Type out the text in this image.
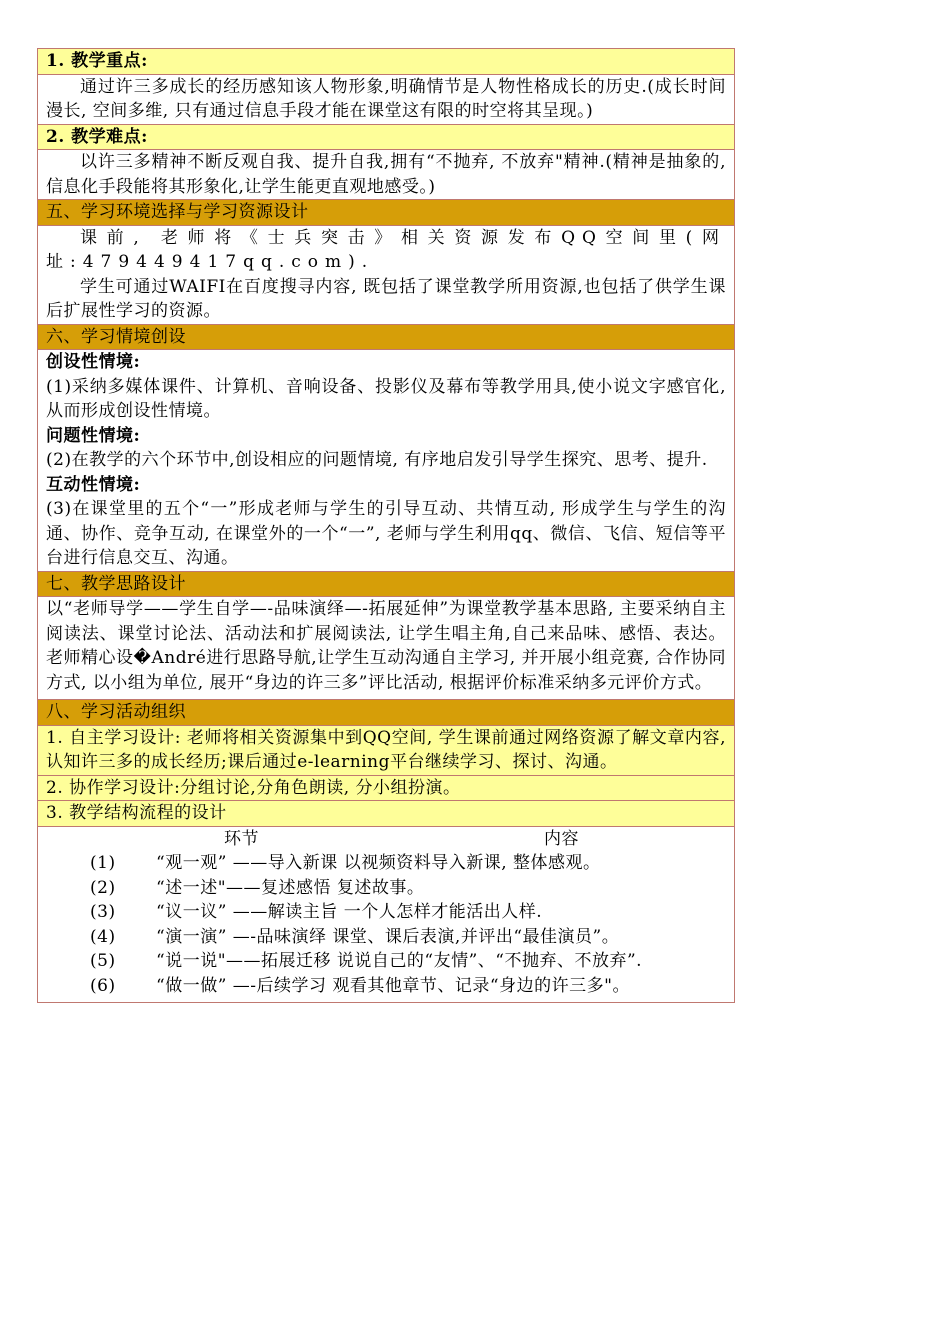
1. 教学重点:

通过许三多成长的经历感知该人物形象,明确情节是人物性格成长的历史.(成长时间漫长, 空间多维, 只有通过信息手段才能在课堂这有限的时空将其呈现。)

2. 教学难点:

以许三多精神不断反观自我、提升自我,拥有“不抛弃, 不放弃"精神.(精神是抽象的,信息化手段能将其形象化,让学生能更直观地感受。)

五、学习环境选择与学习资源设计

课前, 老师将《士兵突击》相关资源发布QQ空间里(网址:479449417qq.com).

学生可通过WAIFI在百度搜寻内容, 既包括了课堂教学所用资源,也包括了供学生课后扩展性学习的资源。

六、学习情境创设

创设性情境:

(1)采纳多媒体课件、计算机、音响设备、投影仪及幕布等教学用具,使小说文字感官化, 从而形成创设性情境。

问题性情境:

(2)在教学的六个环节中,创设相应的问题情境, 有序地启发引导学生探究、思考、提升.

互动性情境:

(3)在课堂里的五个“一”形成老师与学生的引导互动、共情互动, 形成学生与学生的沟通、协作、竞争互动, 在课堂外的一个“一”, 老师与学生利用qq、微信、飞信、短信等平台进行信息交互、沟通。

七、教学思路设计

以“老师导学——学生自学—-品味演绎—-拓展延伸”为课堂教学基本思路, 主要采纳自主阅读法、课堂讨论法、活动法和扩展阅读法, 让学生唱主角,自己来品味、感悟、表达。老师精心设�André进行思路导航,让学生互动沟通自主学习, 并开展小组竞赛, 合作协同方式, 以小组为单位, 展开“身边的许三多”评比活动, 根据评价标准采纳多元评价方式。

八、学习活动组织

1. 自主学习设计: 老师将相关资源集中到QQ空间, 学生课前通过网络资源了解文章内容, 认知许三多的成长经历;课后通过e-learning平台继续学习、探讨、沟通。

2. 协作学习设计:分组讨论,分角色朗读, 分小组扮演。

3. 教学结构流程的设计

环节	内容
(1)	“观一观” ——导入新课 以视频资料导入新课, 整体感观。
(2)	“述一述"——复述感悟 复述故事。
(3)	“议一议” ——解读主旨 一个人怎样才能活出人样.
(4)	“演一演” —-品味演绎 课堂、课后表演,并评出“最佳演员”。
(5)	“说一说"——拓展迁移 说说自己的“友情”、“不抛弃、不放弃”.
(6)	“做一做” —-后续学习 观看其他章节、记录“身边的许三多"。
